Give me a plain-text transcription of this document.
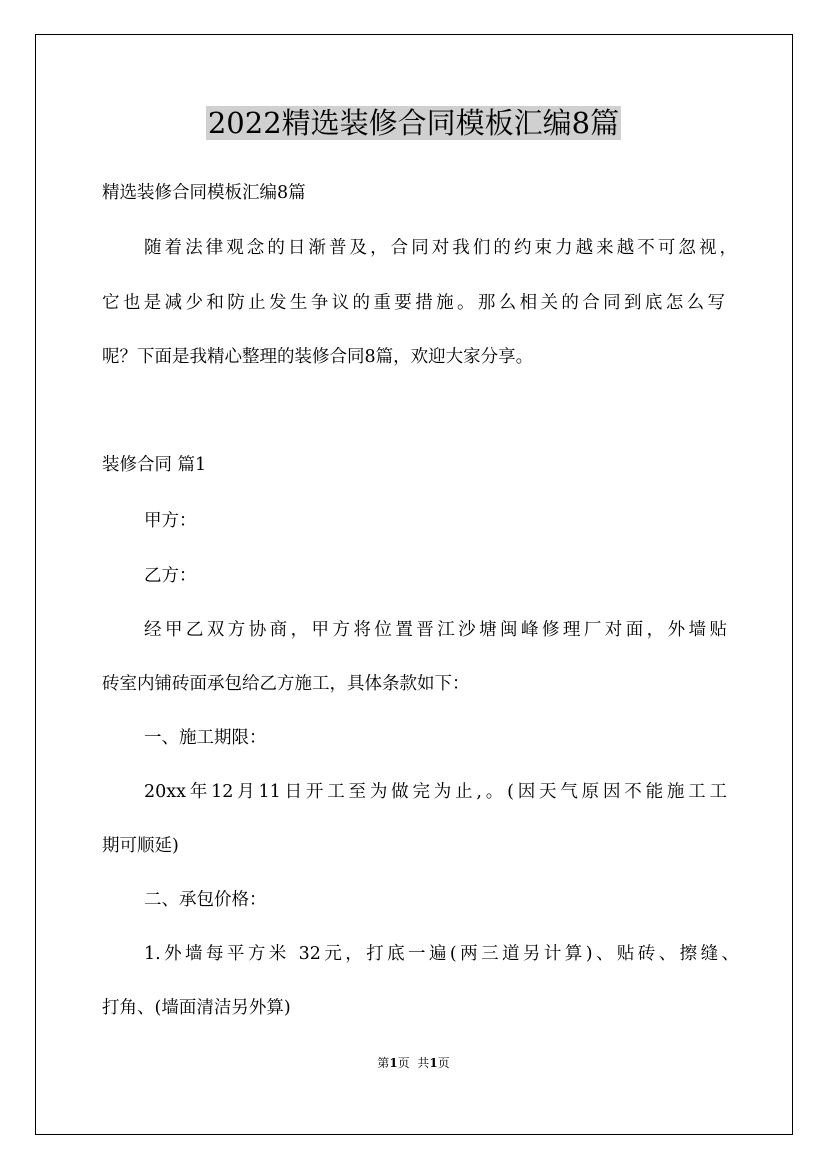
2022精选装修合同模板汇编8篇
精选装修合同模板汇编8篇
随着法律观念的日渐普及，合同对我们的约束力越来越不可忽视，
它也是减少和防止发生争议的重要措施。那么相关的合同到底怎么写
呢？下面是我精心整理的装修合同8篇，欢迎大家分享。
装修合同 篇1
甲方：
乙方：
经甲乙双方协商，甲方将位置晋江沙塘闽峰修理厂对面，外墙贴
砖室内铺砖面承包给乙方施工，具体条款如下：
一、施工期限：
20xx年12月11日开工至为做完为止,。(因天气原因不能施工工
期可顺延)
二、承包价格：
1.外墙每平方米 32元，打底一遍(两三道另计算)、贴砖、擦缝、
打角、(墙面清洁另外算)
第1页  共1页
